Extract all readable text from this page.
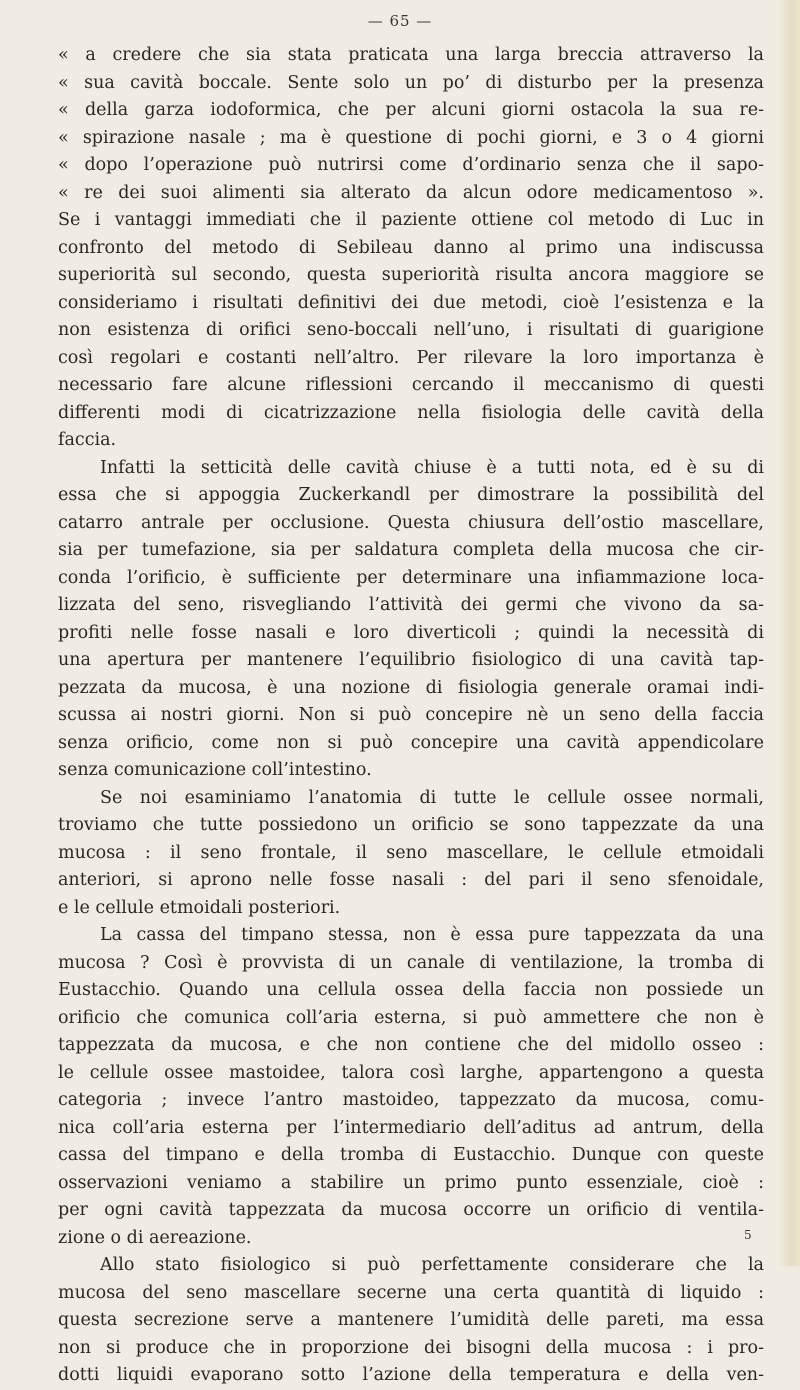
— 65 —
« a credere che sia stata praticata una larga breccia attraverso la
« sua cavità boccale. Sente solo un po’ di disturbo per la presenza
« della garza iodoformica, che per alcuni giorni ostacola la sua re-
« spirazione nasale ; ma è questione di pochi giorni, e 3 o 4 giorni
« dopo l’operazione può nutrirsi come d’ordinario senza che il sapo-
« re dei suoi alimenti sia alterato da alcun odore medicamentoso ».
Se i vantaggi immediati che il paziente ottiene col metodo di Luc in
confronto del metodo di Sebileau danno al primo una indiscussa
superiorità sul secondo, questa superiorità risulta ancora maggiore se
consideriamo i risultati definitivi dei due metodi, cioè l’esistenza e la
non esistenza di orifici seno-boccali nell’uno, i risultati di guarigione
così regolari e costanti nell’altro. Per rilevare la loro importanza è
necessario fare alcune riflessioni cercando il meccanismo di questi
differenti modi di cicatrizzazione nella fisiologia delle cavità della
faccia.
Infatti la setticità delle cavità chiuse è a tutti nota, ed è su di
essa che si appoggia Zuckerkandl per dimostrare la possibilità del
catarro antrale per occlusione. Questa chiusura dell’ostio mascellare,
sia per tumefazione, sia per saldatura completa della mucosa che cir-
conda l’orificio, è sufficiente per determinare una infiammazione loca-
lizzata del seno, risvegliando l’attività dei germi che vivono da sa-
profiti nelle fosse nasali e loro diverticoli ; quindi la necessità di
una apertura per mantenere l’equilibrio fisiologico di una cavità tap-
pezzata da mucosa, è una nozione di fisiologia generale oramai indi-
scussa ai nostri giorni. Non si può concepire nè un seno della faccia
senza orificio, come non si può concepire una cavità appendicolare
senza comunicazione coll’intestino.
Se noi esaminiamo l’anatomia di tutte le cellule ossee normali,
troviamo che tutte possiedono un orificio se sono tappezzate da una
mucosa : il seno frontale, il seno mascellare, le cellule etmoidali
anteriori, si aprono nelle fosse nasali : del pari il seno sfenoidale,
e le cellule etmoidali posteriori.
La cassa del timpano stessa, non è essa pure tappezzata da una
mucosa ? Così è provvista di un canale di ventilazione, la tromba di
Eustacchio. Quando una cellula ossea della faccia non possiede un
orificio che comunica coll’aria esterna, si può ammettere che non è
tappezzata da mucosa, e che non contiene che del midollo osseo :
le cellule ossee mastoidee, talora così larghe, appartengono a questa
categoria ; invece l’antro mastoideo, tappezzato da mucosa, comu-
nica coll’aria esterna per l’intermediario dell’aditus ad antrum, della
cassa del timpano e della tromba di Eustacchio. Dunque con queste
osservazioni veniamo a stabilire un primo punto essenziale, cioè :
per ogni cavità tappezzata da mucosa occorre un orificio di ventila-
zione o di aereazione.
Allo stato fisiologico si può perfettamente considerare che la
mucosa del seno mascellare secerne una certa quantità di liquido :
questa secrezione serve a mantenere l’umidità delle pareti, ma essa
non si produce che in proporzione dei bisogni della mucosa : i pro-
dotti liquidi evaporano sotto l’azione della temperatura e della ven-
5
